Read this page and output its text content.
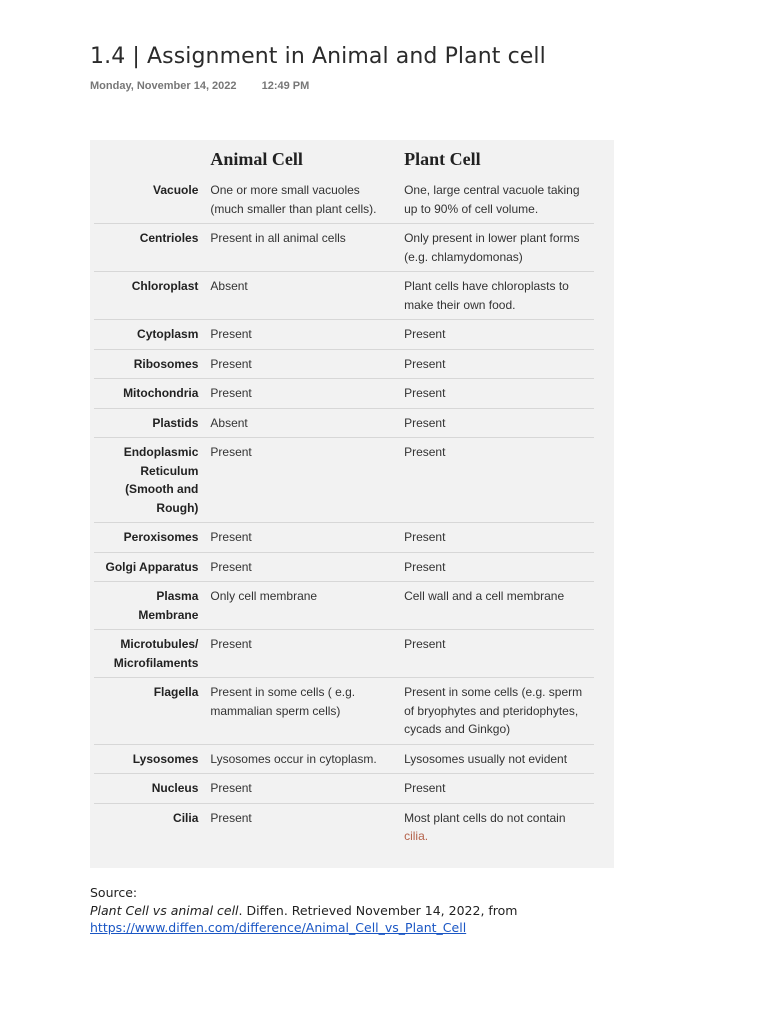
1.4 | Assignment in Animal and Plant cell
Monday, November 14, 2022 12:49 PM
	Animal Cell	Plant Cell
Vacuole	One or more small vacuoles (much smaller than plant cells).	One, large central vacuole taking up to 90% of cell volume.
Centrioles	Present in all animal cells	Only present in lower plant forms (e.g. chlamydomonas)
Chloroplast	Absent	Plant cells have chloroplasts to make their own food.
Cytoplasm	Present	Present
Ribosomes	Present	Present
Mitochondria	Present	Present
Plastids	Absent	Present
Endoplasmic Reticulum (Smooth and Rough)	Present	Present
Peroxisomes	Present	Present
Golgi Apparatus	Present	Present
Plasma Membrane	Only cell membrane	Cell wall and a cell membrane
Microtubules/ Microfilaments	Present	Present
Flagella	Present in some cells ( e.g. mammalian sperm cells)	Present in some cells (e.g. sperm of bryophytes and pteridophytes, cycads and Ginkgo)
Lysosomes	Lysosomes occur in cytoplasm.	Lysosomes usually not evident
Nucleus	Present	Present
Cilia	Present	Most plant cells do not contain
cilia.
Source:
Plant Cell vs animal cell. Diffen. Retrieved November 14, 2022, from
https://www.diffen.com/difference/Animal_Cell_vs_Plant_Cell
